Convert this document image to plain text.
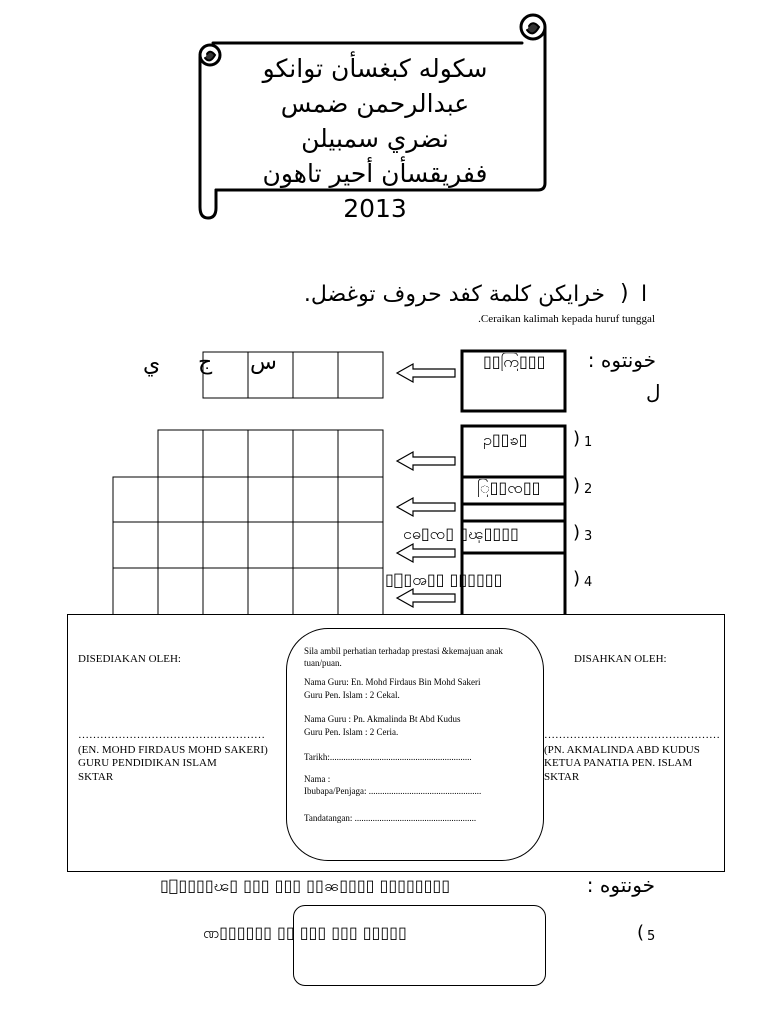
سكوله كبغسأن توانكو
عبدالرحمن ضمس
نضري سمبيلن
ففريقسأن أحير تاهون
2013
ا
)
خرايكن كلمة كفد حروف توغضل.
.Ceraikan kalimah kepada huruf tunggal
خونتوه :
▯▯ကြ▯▯▯
ل
ي ج س
) 1
ဥ▯▯ၶ▯
) 2
ြ▯▯ၸ▯▯
) 3
ငဓ▯ၸ▯ ▯ၾ▯▯▯▯
) 4
▯ြ▯ၻ▯▯ ▯▯▯▯▯▯
DISEDIAKAN OLEH:
……………………………………………
(EN. MOHD FIRDAUS MOHD SAKERI)
GURU PENDIDIKAN ISLAM
SKTAR
DISAHKAN OLEH:
…………………………………………
(PN. AKMALINDA ABD KUDUS
KETUA PANATIA PEN. ISLAM
SKTAR
Sila ambil perhatian terhadap prestasi &kemajuan anak tuan/puan.
Nama Guru: En. Mohd Firdaus Bin Mohd Sakeri
Guru Pen. Islam : 2 Cekal.
Nama Guru : Pn. Akmalinda Bt Abd Kudus
Guru Pen. Islam : 2 Ceria.
Tarikh:...............................................................
Nama :
Ibubapa/Penjaga: ..................................................
Tandatangan: ......................................................
خونتوه :
▯ြ▯▯▯▯ၽ▯ ▯▯▯ ▯▯▯ ▯▯ၼ▯▯▯▯ ▯▯▯▯▯▯▯▯
( 5
ဏ▯▯▯▯▯▯ ▯▯ ▯▯▯ ▯▯▯ ▯▯▯▯▯
